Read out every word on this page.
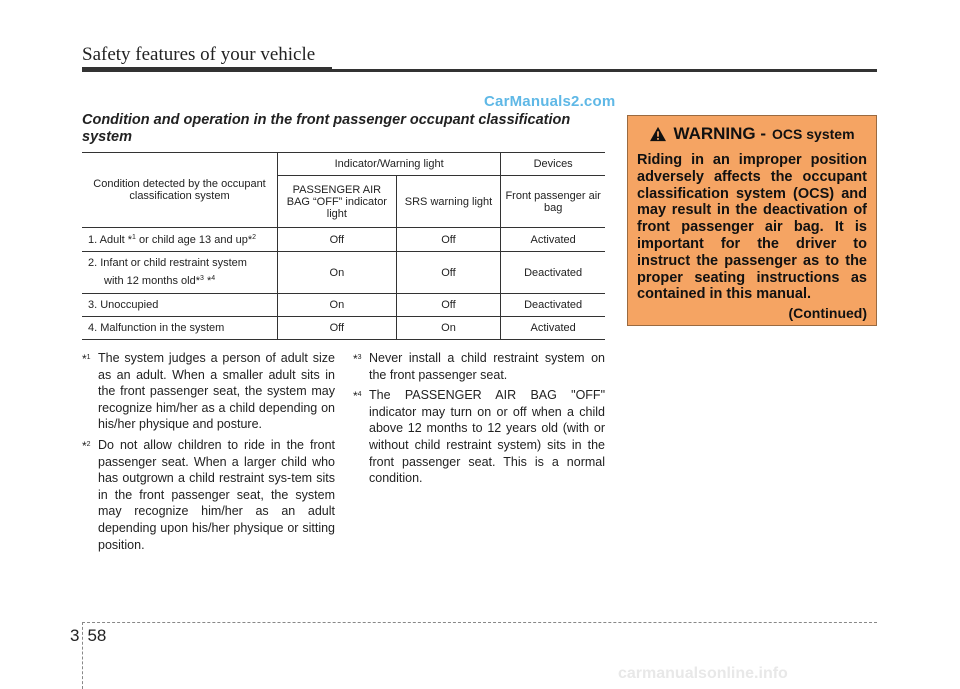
Safety features of your vehicle
CarManuals2.com
Condition and operation in the front passenger occupant classification system
Condition detected by the occupant classification system	Indicator/Warning light		Devices
	PASSENGER AIR BAG “OFF” indicator light	SRS warning light	Front passenger air bag
1. Adult *$^1$ or child age 13 and up*$^2$	Off	Off	Activated
2. Infant or child restraint system
with 12 months old*$^3$ *$^4$	On	Off	Deactivated
3. Unoccupied	On	Off	Deactivated
4. Malfunction in the system	Off	On	Activated
*$^1$ The system judges a person of adult size as an adult. When a smaller adult sits in the front passenger seat, the system may recognize him/her as a child depending on his/her physique and posture.

*$^2$ Do not allow children to ride in the front passenger seat. When a larger child who has outgrown a child restraint sys-tem sits in the front passenger seat, the system may recognize him/her as an adult depending upon his/her physique or sitting position.

*$^3$ Never install a child restraint system on the front passenger seat.

*$^4$ The PASSENGER AIR BAG "OFF" indicator may turn on or off when a child above 12 months to 12 years old (with or without child restraint system) sits in the front passenger seat. This is a normal condition.

WARNING - OCS system
Riding in an improper position adversely affects the occupant classification system (OCS) and may result in the deactivation of front passenger air bag. It is important for the driver to instruct the passenger as to the proper seating instructions as contained in this manual.
(Continued)
3 58
carmanualsonline.info
